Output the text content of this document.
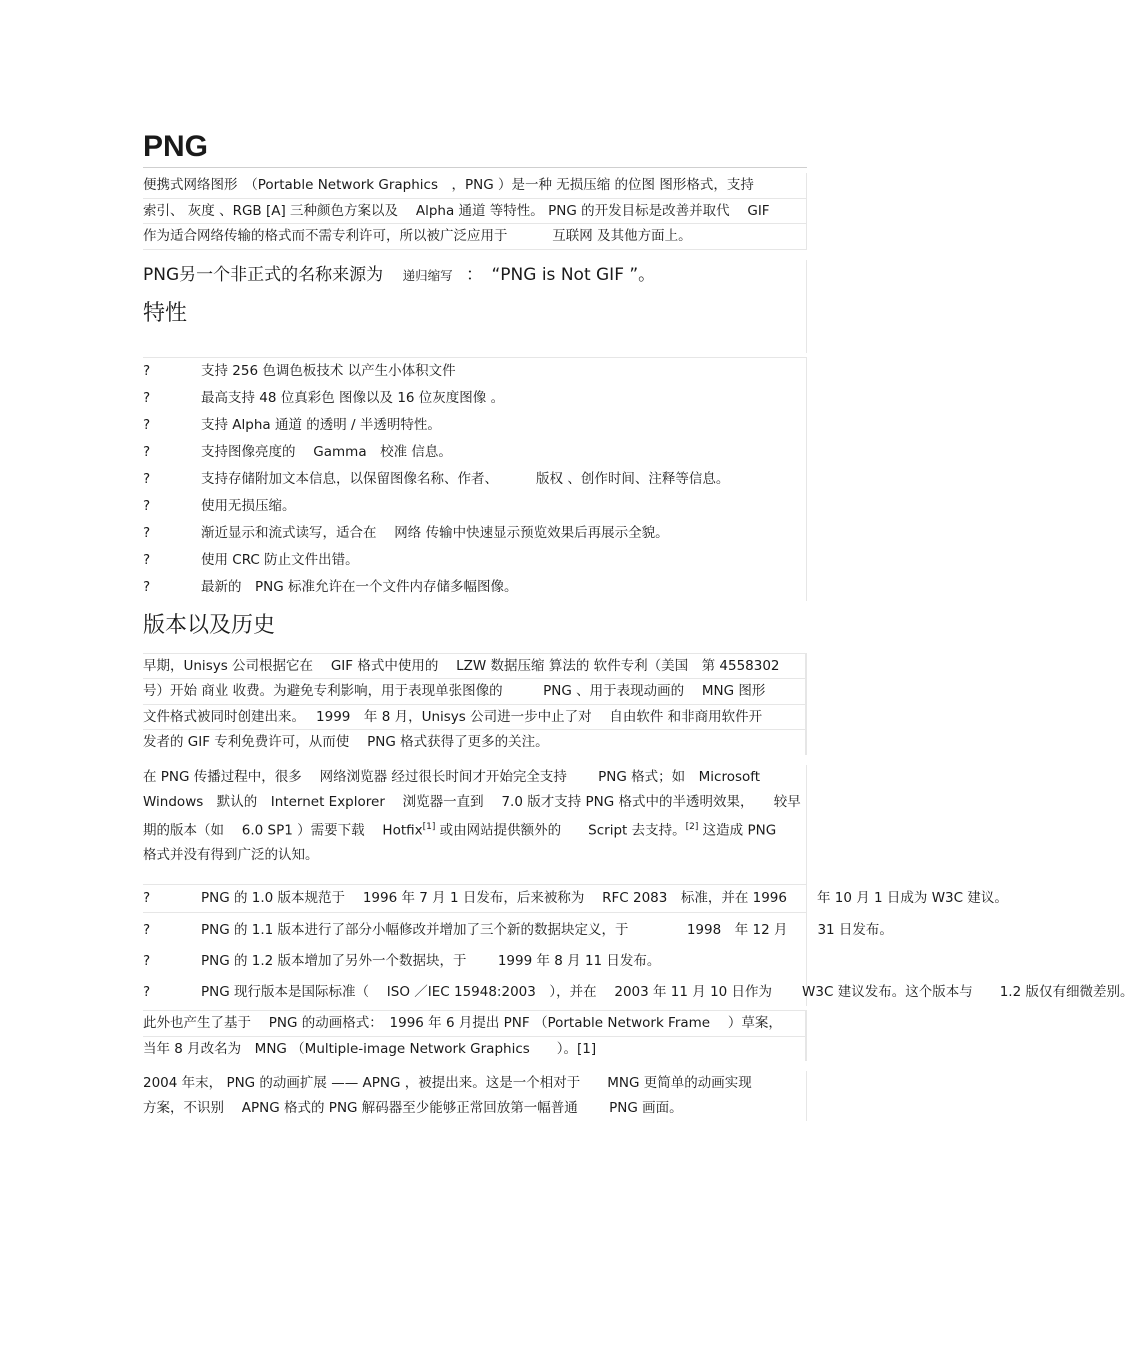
PNG
便携式网络图形　（Portable Network Graphics　，PNG ）是一种 无损压缩 的位图 图形格式，支持
索引、 灰度 、RGB [A] 三种颜色方案以及　 Alpha 通道 等特性。 PNG 的开发目标是改善并取代　 GIF
作为适合网络传输的格式而不需专利许可，所以被广泛应用于　　　 互联网 及其他方面上。
PNG另一个非正式的名称来源为 递归缩写 ：　“PNG is Not GIF ”。
特性
?	支持 256 色调色板技术 以产生小体积文件
?	最高支持 48 位真彩色 图像以及 16 位灰度图像 。
?	支持 Alpha 通道 的透明 / 半透明特性。
?	支持图像亮度的　 Gamma　校准 信息。
?	支持存储附加文本信息，以保留图像名称、作者、　　　 版权 、创作时间、注释等信息。
?	使用无损压缩。
?	渐近显示和流式读写，适合在　 网络 传输中快速显示预览效果后再展示全貌。
?	使用 CRC 防止文件出错。
?	最新的　PNG 标准允许在一个文件内存储多幅图像。
版本以及历史
早期，Unisys 公司根据它在　 GIF 格式中使用的　 LZW 数据压缩 算法的 软件专利（美国　第 4558302
号）开始 商业 收费。为避免专利影响，用于表现单张图像的　　　PNG 、用于表现动画的　 MNG 图形
文件格式被同时创建出来。　 1999　年 8 月，Unisys 公司进一步中止了对　 自由软件 和非商用软件开
发者的 GIF 专利免费许可，从而使　 PNG 格式获得了更多的关注。
在 PNG 传播过程中，很多　 网络浏览器 经过很长时间才开始完全支持　　 PNG 格式；如　Microsoft
Windows　默认的　Internet Explorer　 浏览器一直到　 7.0 版才支持 PNG 格式中的半透明效果，　　较早
期的版本（如　 6.0 SP1 ）需要下载　 Hotfix[1] 或由网站提供额外的　　Script 去支持。[2] 这造成 PNG
格式并没有得到广泛的认知。
?	PNG 的 1.0 版本规范于　 1996 年 7 月 1 日发布，后来被称为　 RFC 2083　标准，并在 1996	年 10 月 1 日成为 W3C 建议。
?	PNG 的 1.1 版本进行了部分小幅修改并增加了三个新的数据块定义，于　　　　 1998　年 12 月	31 日发布。
?	PNG 的 1.2 版本增加了另外一个数据块，于　　 1999 年 8 月 11 日发布。
?	PNG 现行版本是国际标准（　 ISO ／IEC 15948:2003　），并在　 2003 年 11 月 10 日作为	W3C 建议发布。这个版本与　　1.2 版仅有细微差别。
此外也产生了基于　 PNG 的动画格式：　1996 年 6 月提出 PNF （Portable Network Frame　 ）草案，
当年 8 月改名为　MNG （Multiple-image Network Graphics　　）。[1]
2004 年末， PNG 的动画扩展 —— APNG ，被提出来。这是一个相对于　　MNG 更简单的动画实现
方案，不识别　 APNG 格式的 PNG 解码器至少能够正常回放第一幅普通　　 PNG 画面。
